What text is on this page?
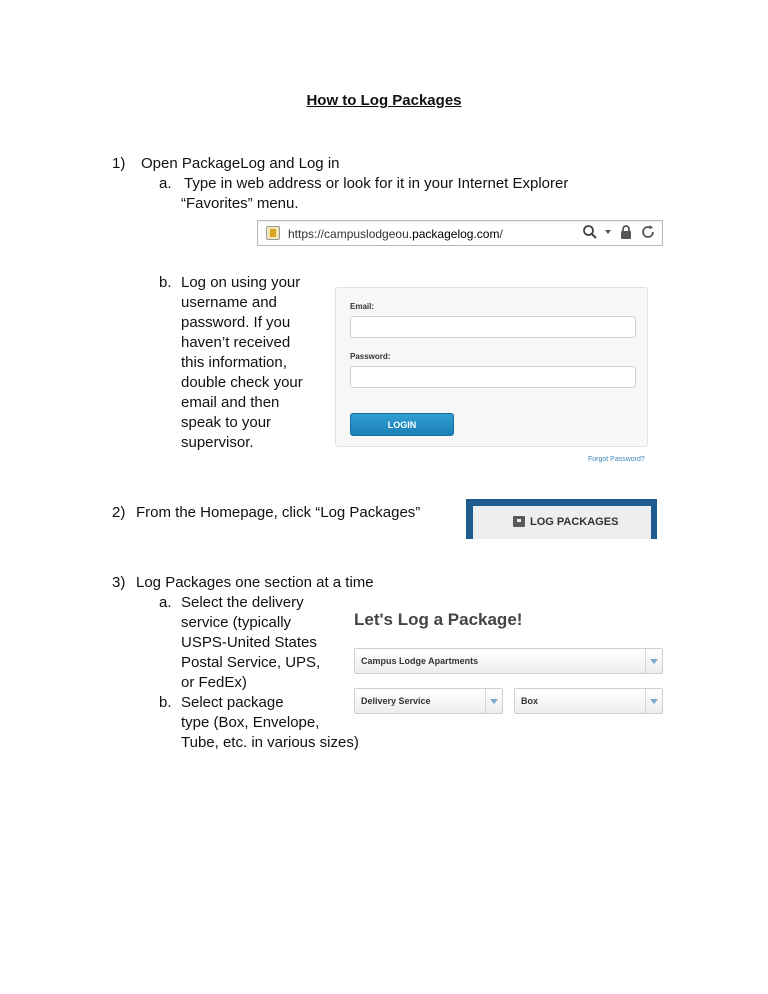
How to Log Packages
1) Open PackageLog and Log in
a. Type in web address or look for it in your Internet Explorer
“Favorites” menu.
https://campuslodgeou.packagelog.com/
b. Log on using your
username and
password. If you
haven’t received
this information,
double check your
email and then
speak to your
supervisor.
Email:
Password:
LOGIN
Forgot Password?
2) From the Homepage, click “Log Packages”
LOG PACKAGES
3) Log Packages one section at a time
a. Select the delivery
service (typically
USPS-United States
Postal Service, UPS,
or FedEx)
b. Select package
type (Box, Envelope,
Tube, etc. in various sizes)
Let's Log a Package!
Campus Lodge Apartments
Delivery Service	Box
